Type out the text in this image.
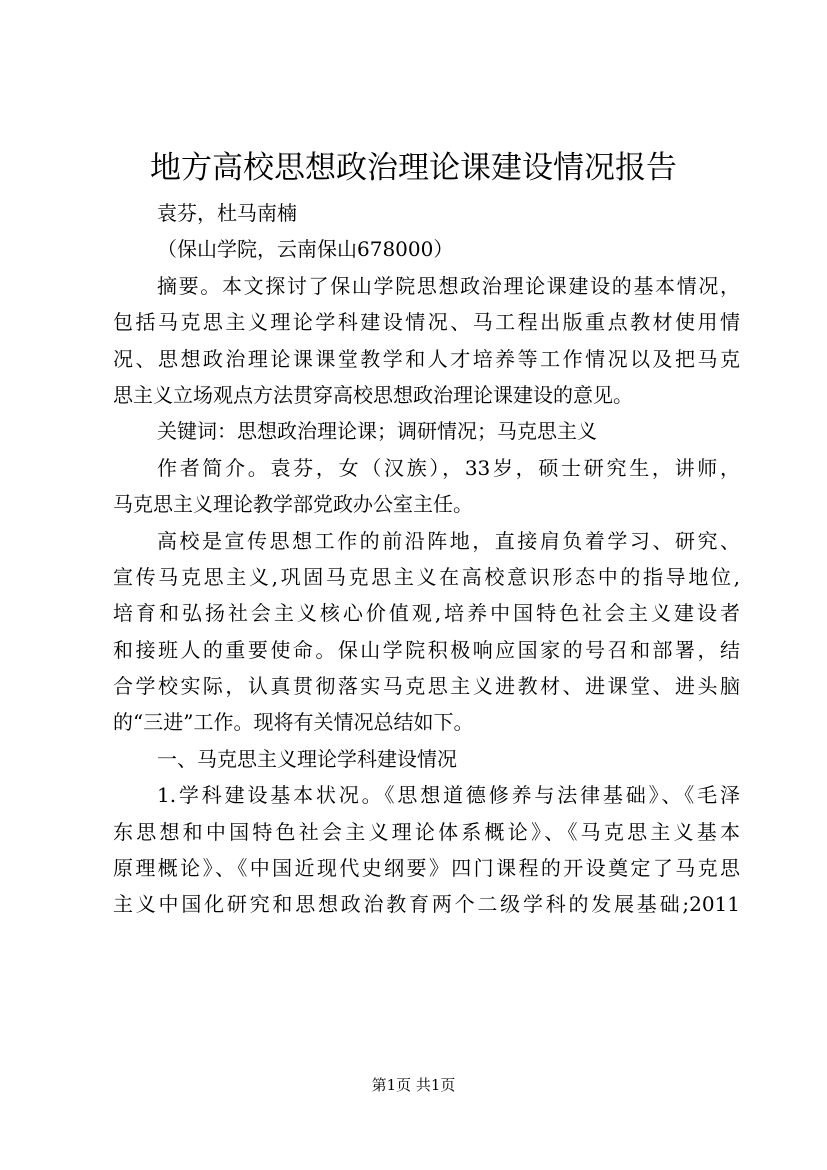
地方高校思想政治理论课建设情况报告
袁芬，杜马南楠
（保山学院，云南保山678000）
摘要。本文探讨了保山学院思想政治理论课建设的基本情况，
包括马克思主义理论学科建设情况、马工程出版重点教材使用情
况、思想政治理论课课堂教学和人才培养等工作情况以及把马克
思主义立场观点方法贯穿高校思想政治理论课建设的意见。
关键词：思想政治理论课；调研情况；马克思主义
作者简介。袁芬，女（汉族），33岁，硕士研究生，讲师，
马克思主义理论教学部党政办公室主任。
高校是宣传思想工作的前沿阵地，直接肩负着学习、研究、
宣传马克思主义,巩固马克思主义在高校意识形态中的指导地位,
培育和弘扬社会主义核心价值观,培养中国特色社会主义建设者
和接班人的重要使命。保山学院积极响应国家的号召和部署，结
合学校实际，认真贯彻落实马克思主义进教材、进课堂、进头脑
的“三进”工作。现将有关情况总结如下。
一、马克思主义理论学科建设情况
1.学科建设基本状况。《思想道德修养与法律基础》、《毛泽
东思想和中国特色社会主义理论体系概论》、《马克思主义基本
原理概论》、《中国近现代史纲要》四门课程的开设奠定了马克思
主义中国化研究和思想政治教育两个二级学科的发展基础;2011
第1页 共1页
